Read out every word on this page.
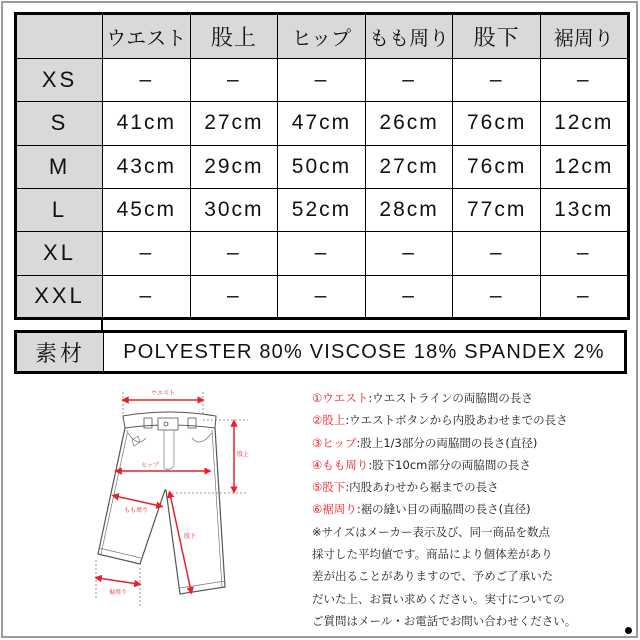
	ウエスト	股上	ヒップ	もも周り	股下	裾周り
XS	–	–	–	–	–	–
S	41cm	27cm	47cm	26cm	76cm	12cm
M	43cm	29cm	50cm	27cm	76cm	12cm
L	45cm	30cm	52cm	28cm	77cm	13cm
XL	–	–	–	–	–	–
XXL	–	–	–	–	–	–
素材	POLYESTER 80% VISCOSE 18% SPANDEX 2%
ウエスト
股上
ヒップ
もも周り
股下
裾周り
①ウエスト:ウエストラインの両脇間の長さ
②股上:ウエストボタンから内股あわせまでの長さ
③ヒップ:股上1/3部分の両脇間の長さ(直径)
④もも周り:股下10cm部分の両脇間の長さ
⑤股下:内股あわせから裾までの長さ
⑥裾周り:裾の縫い目の両脇間の長さ(直径)
※サイズはメーカー表示及び、同一商品を数点
採寸した平均値です。商品により個体差があり
差が出ることがありますので、予めご了承いた
だいた上、お買い求めください。実寸についての
ご質問はメール・お電話でお問い合わせください。
